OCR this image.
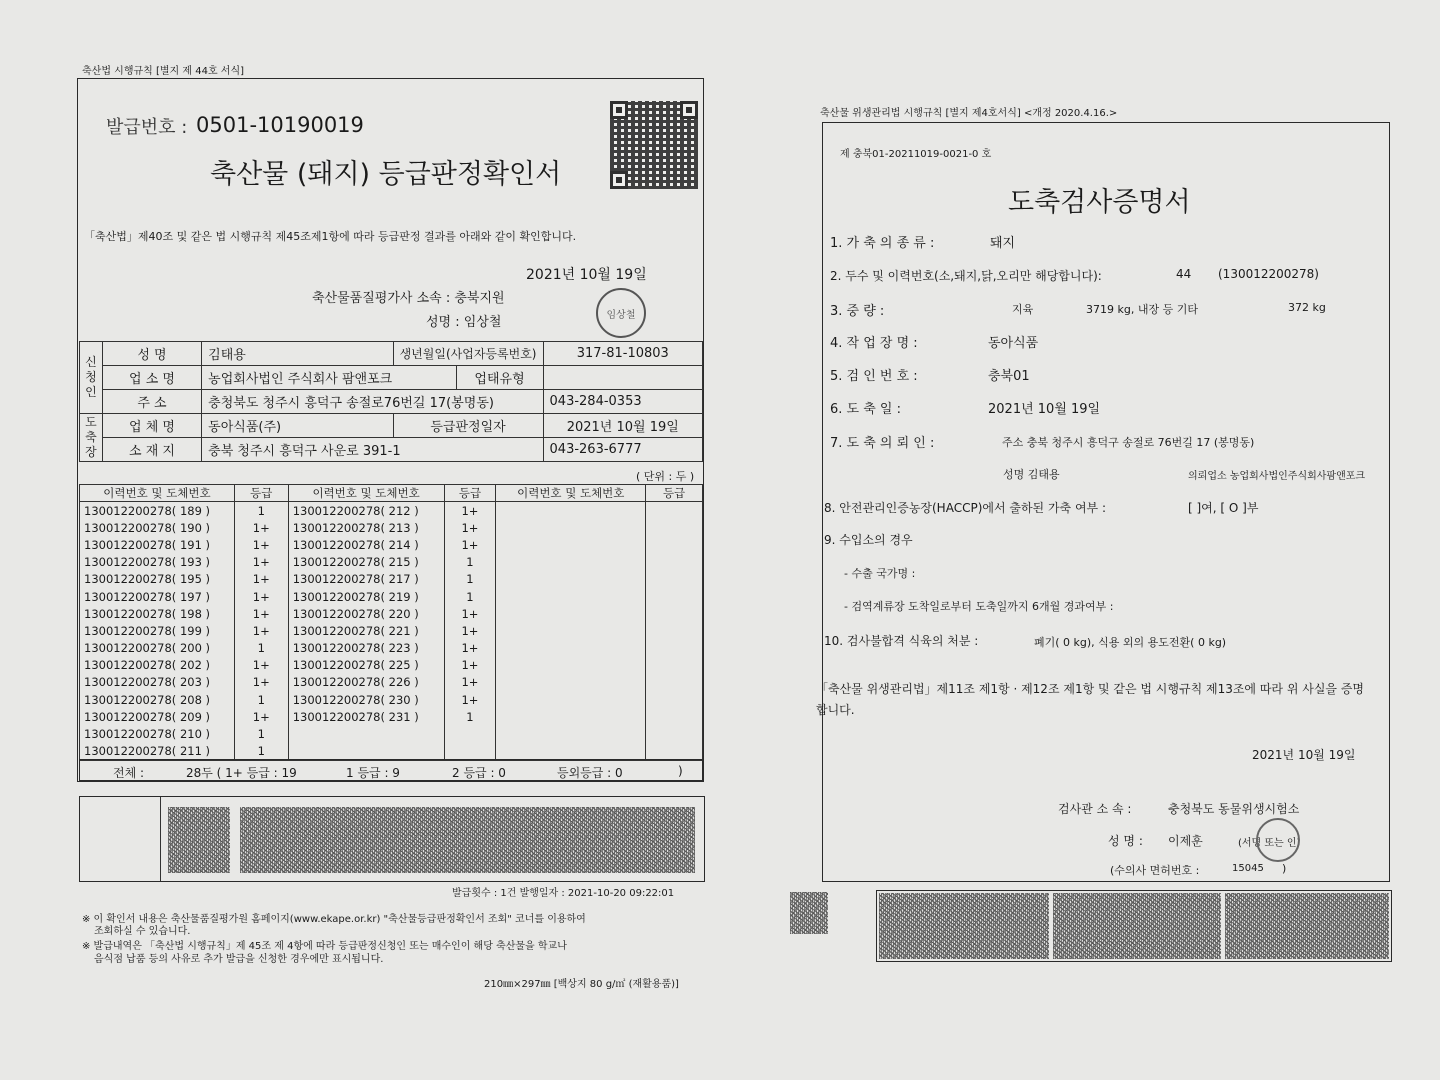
축산법 시행규칙 [별지 제 44호 서식]
발급번호 : 0501-10190019
축산물 (돼지) 등급판정확인서
「축산법」제40조 및 같은 법 시행규칙 제45조제1항에 따라 등급판정 결과를 아래와 같이 확인합니다.
2021년 10월 19일
축산물품질평가사 소속 : 충북지원
성명 : 임상철	임상철
신청인	성 명	김태용	생년월일(사업자등록번호)		317-81-10803
	업 소 명	농업회사법인 주식회사 팜앤포크		업태유형	
	주 소	충청북도 청주시 흥덕구 송절로76번길 17(봉명동)			043-284-0353
도축장	업 체 명	동아식품(주)	등급판정일자		2021년 10월 19일
	소 재 지	충북 청주시 흥덕구 사운로 391-1			043-263-6777
( 단위 : 두 )
이력번호 및 도체번호	등급	이력번호 및 도체번호	등급	이력번호 및 도체번호	등급
130012200278( 189 )	1	130012200278( 212 )	1+		
130012200278( 190 )	1+	130012200278( 213 )	1+		
130012200278( 191 )	1+	130012200278( 214 )	1+		
130012200278( 193 )	1+	130012200278( 215 )	1		
130012200278( 195 )	1+	130012200278( 217 )	1		
130012200278( 197 )	1+	130012200278( 219 )	1		
130012200278( 198 )	1+	130012200278( 220 )	1+		
130012200278( 199 )	1+	130012200278( 221 )	1+		
130012200278( 200 )	1	130012200278( 223 )	1+		
130012200278( 202 )	1+	130012200278( 225 )	1+		
130012200278( 203 )	1+	130012200278( 226 )	1+		
130012200278( 208 )	1	130012200278( 230 )	1+		
130012200278( 209 )	1+	130012200278( 231 )	1		
130012200278( 210 )	1				
130012200278( 211 )	1				
전체 :	28두 ( 1+ 등급 : 19	1 등급 : 9	2 등급 : 0	등외등급 : 0	)
발급횟수 : 1건 발행일자 : 2021-10-20 09:22:01
※ 이 확인서 내용은 축산물품질평가원 홈페이지(www.ekape.or.kr) "축산물등급판정확인서 조회" 코너를 이용하여
조회하실 수 있습니다.
※ 발급내역은 「축산법 시행규칙」제 45조 제 4항에 따라 등급판정신청인 또는 매수인이 해당 축산물을 학교나
음식점 납품 등의 사유로 추가 발급을 신청한 경우에만 표시됩니다.
210㎜×297㎜ [백상지 80 g/㎡ (재활용품)]
축산물 위생관리법 시행규칙 [별지 제4호서식] <개정 2020.4.16.>
제 충북01-20211019-0021-0 호
도축검사증명서
1. 가 축 의 종 류 :	돼지
2. 두수 및 이력번호(소,돼지,닭,오리만 해당합니다):	44 (130012200278)
3. 중 량 :	지육	3719 kg, 내장 등 기타	372 kg
4. 작 업 장 명 :	동아식품
5. 검 인 번 호 :	충북01
6. 도 축 일 :	2021년 10월 19일
7. 도 축 의 뢰 인 :	주소 충북 청주시 흥덕구 송절로 76번길 17 (봉명동)
성명 김태용	의뢰업소 농업회사법인주식회사팜앤포크
8. 안전관리인증농장(HACCP)에서 출하된 가축 여부 :	[ ]여, [ O ]부
9. 수입소의 경우
- 수출 국가명 :
- 검역계류장 도착일로부터 도축일까지 6개월 경과여부 :
10. 검사불합격 식육의 처분 :	폐기( 0 kg), 식용 외의 용도전환( 0 kg)
「축산물 위생관리법」제11조 제1항 · 제12조 제1항 및 같은 법 시행규칙 제13조에 따라 위 사실을 증명
합니다.
2021년 10월 19일
검사관 소 속 :	충청북도 동물위생시험소
성 명 : 이제훈	(서명 또는 인)
(수의사 면허번호 :	15045 )
